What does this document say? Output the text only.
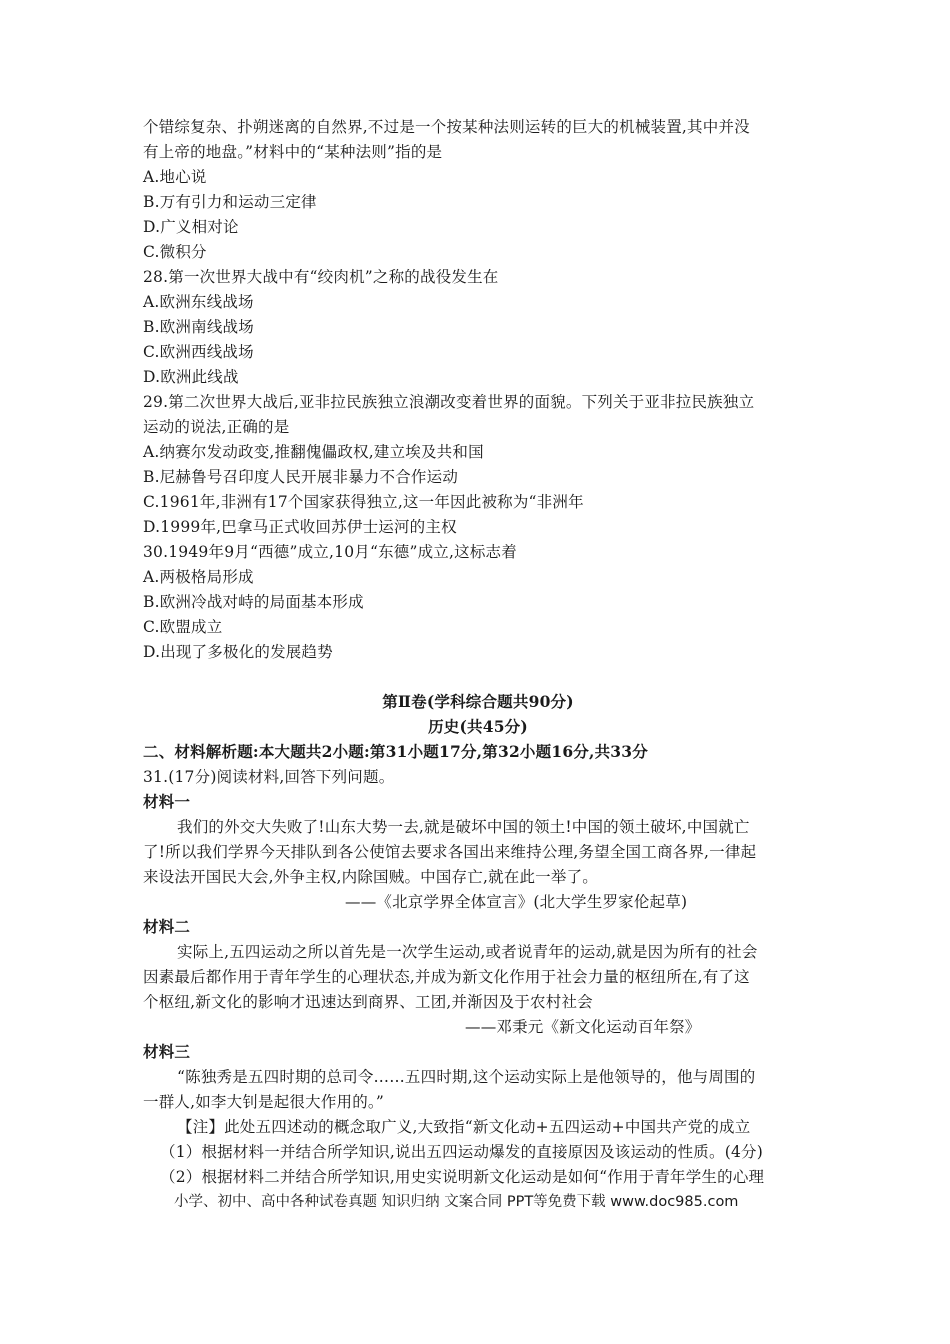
个错综复杂、扑朔迷离的自然界,不过是一个按某种法则运转的巨大的机械装置,其中并没
有上帝的地盘。”材料中的“某种法则”指的是
A.地心说
B.万有引力和运动三定律
D.广义相对论
C.微积分
28.第一次世界大战中有“绞肉机”之称的战役发生在
A.欧洲东线战场
B.欧洲南线战场
C.欧洲西线战场
D.欧洲此线战
29.第二次世界大战后,亚非拉民族独立浪潮改变着世界的面貌。下列关于亚非拉民族独立
运动的说法,正确的是
A.纳赛尔发动政变,推翻傀儡政权,建立埃及共和国
B.尼赫鲁号召印度人民开展非暴力不合作运动
C.1961年,非洲有17个国家获得独立,这一年因此被称为“非洲年
D.1999年,巴拿马正式收回苏伊士运河的主权
30.1949年9月“西德”成立,10月“东德”成立,这标志着
A.两极格局形成
B.欧洲冷战对峙的局面基本形成
C.欧盟成立
D.出现了多极化的发展趋势
第Ⅱ卷(学科综合题共90分)
历史(共45分)
二、材料解析题:本大题共2小题:第31小题17分,第32小题16分,共33分
31.(17分)阅读材料,回答下列问题。
材料一
我们的外交大失败了!山东大势一去,就是破坏中国的领土!中国的领土破坏,中国就亡
了!所以我们学界今天排队到各公使馆去要求各国出来维持公理,务望全国工商各界,一律起
来设法开国民大会,外争主权,内除国贼。中国存亡,就在此一举了。
——《北京学界全体宣言》(北大学生罗家伦起草)
材料二
实际上,五四运动之所以首先是一次学生运动,或者说青年的运动,就是因为所有的社会
因素最后都作用于青年学生的心理状态,并成为新文化作用于社会力量的枢纽所在,有了这
个枢纽,新文化的影响才迅速达到商界、工团,并渐因及于农村社会
——邓秉元《新文化运动百年祭》
材料三
“陈独秀是五四时期的总司令……五四时期,这个运动实际上是他领导的，他与周围的
一群人,如李大钊是起很大作用的。”
【注】此处五四述动的概念取广义,大致指“新文化动+五四运动+中国共产党的成立
（1）根据材料一并结合所学知识,说出五四运动爆发的直接原因及该运动的性质。(4分)
（2）根据材料二并结合所学知识,用史实说明新文化运动是如何“作用于青年学生的心理
小学、初中、高中各种试卷真题 知识归纳 文案合同 PPT等免费下载 www.doc985.com
